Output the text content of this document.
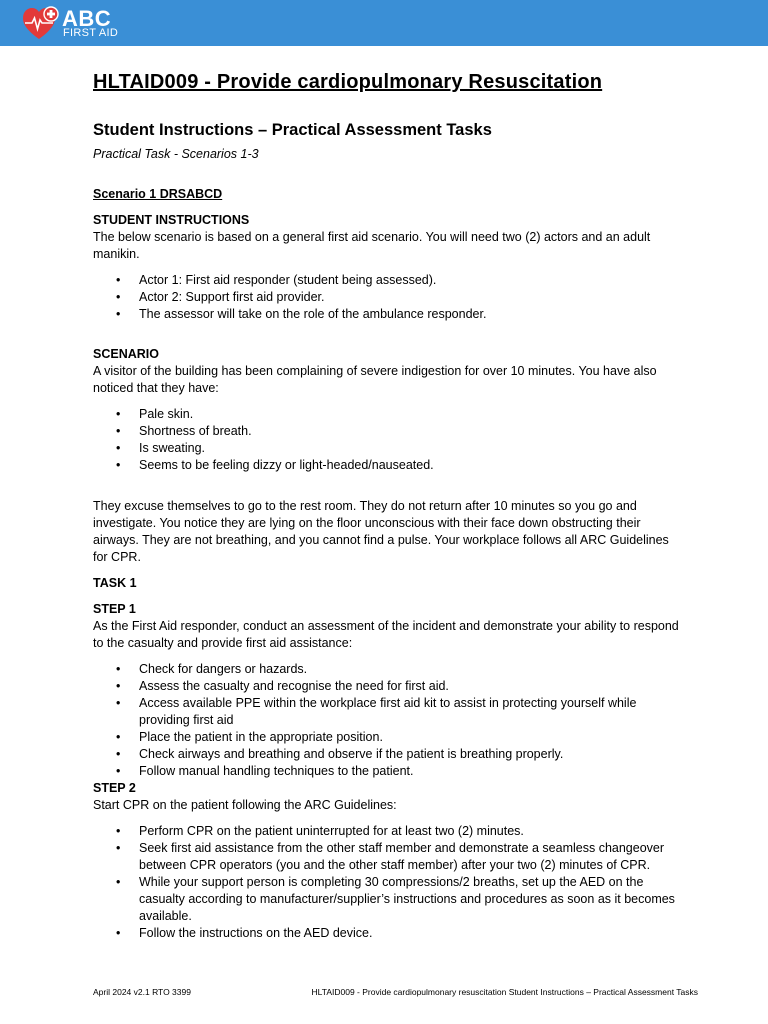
ABC
FIRST AID
HLTAID009 - Provide cardiopulmonary Resuscitation
Student Instructions – Practical Assessment Tasks

Practical Task - Scenarios 1-3

Scenario 1 DRSABCD

STUDENT INSTRUCTIONS

The below scenario is based on a general first aid scenario. You will need two (2) actors and an adult manikin.

• Actor 1: First aid responder (student being assessed).
• Actor 2: Support first aid provider.
• The assessor will take on the role of the ambulance responder.

SCENARIO

A visitor of the building has been complaining of severe indigestion for over 10 minutes. You have also noticed that they have:

• Pale skin.
• Shortness of breath.
• Is sweating.
• Seems to be feeling dizzy or light-headed/nauseated.

They excuse themselves to go to the rest room. They do not return after 10 minutes so you go and investigate. You notice they are lying on the floor unconscious with their face down obstructing their airways. They are not breathing, and you cannot find a pulse. Your workplace follows all ARC Guidelines for CPR.

TASK 1

STEP 1

As the First Aid responder, conduct an assessment of the incident and demonstrate your ability to respond to the casualty and provide first aid assistance:

• Check for dangers or hazards.
• Assess the casualty and recognise the need for first aid.
• Access available PPE within the workplace first aid kit to assist in protecting yourself while providing first aid
• Place the patient in the appropriate position.
• Check airways and breathing and observe if the patient is breathing properly.
• Follow manual handling techniques to the patient.

STEP 2

Start CPR on the patient following the ARC Guidelines:

• Perform CPR on the patient uninterrupted for at least two (2) minutes.
• Seek first aid assistance from the other staff member and demonstrate a seamless changeover between CPR operators (you and the other staff member) after your two (2) minutes of CPR.
• While your support person is completing 30 compressions/2 breaths, set up the AED on the casualty according to manufacturer/supplier’s instructions and procedures as soon as it becomes available.
• Follow the instructions on the AED device.
April 2024 v2.1 RTO 3399	HLTAID009 - Provide cardiopulmonary resuscitation Student Instructions – Practical Assessment Tasks
